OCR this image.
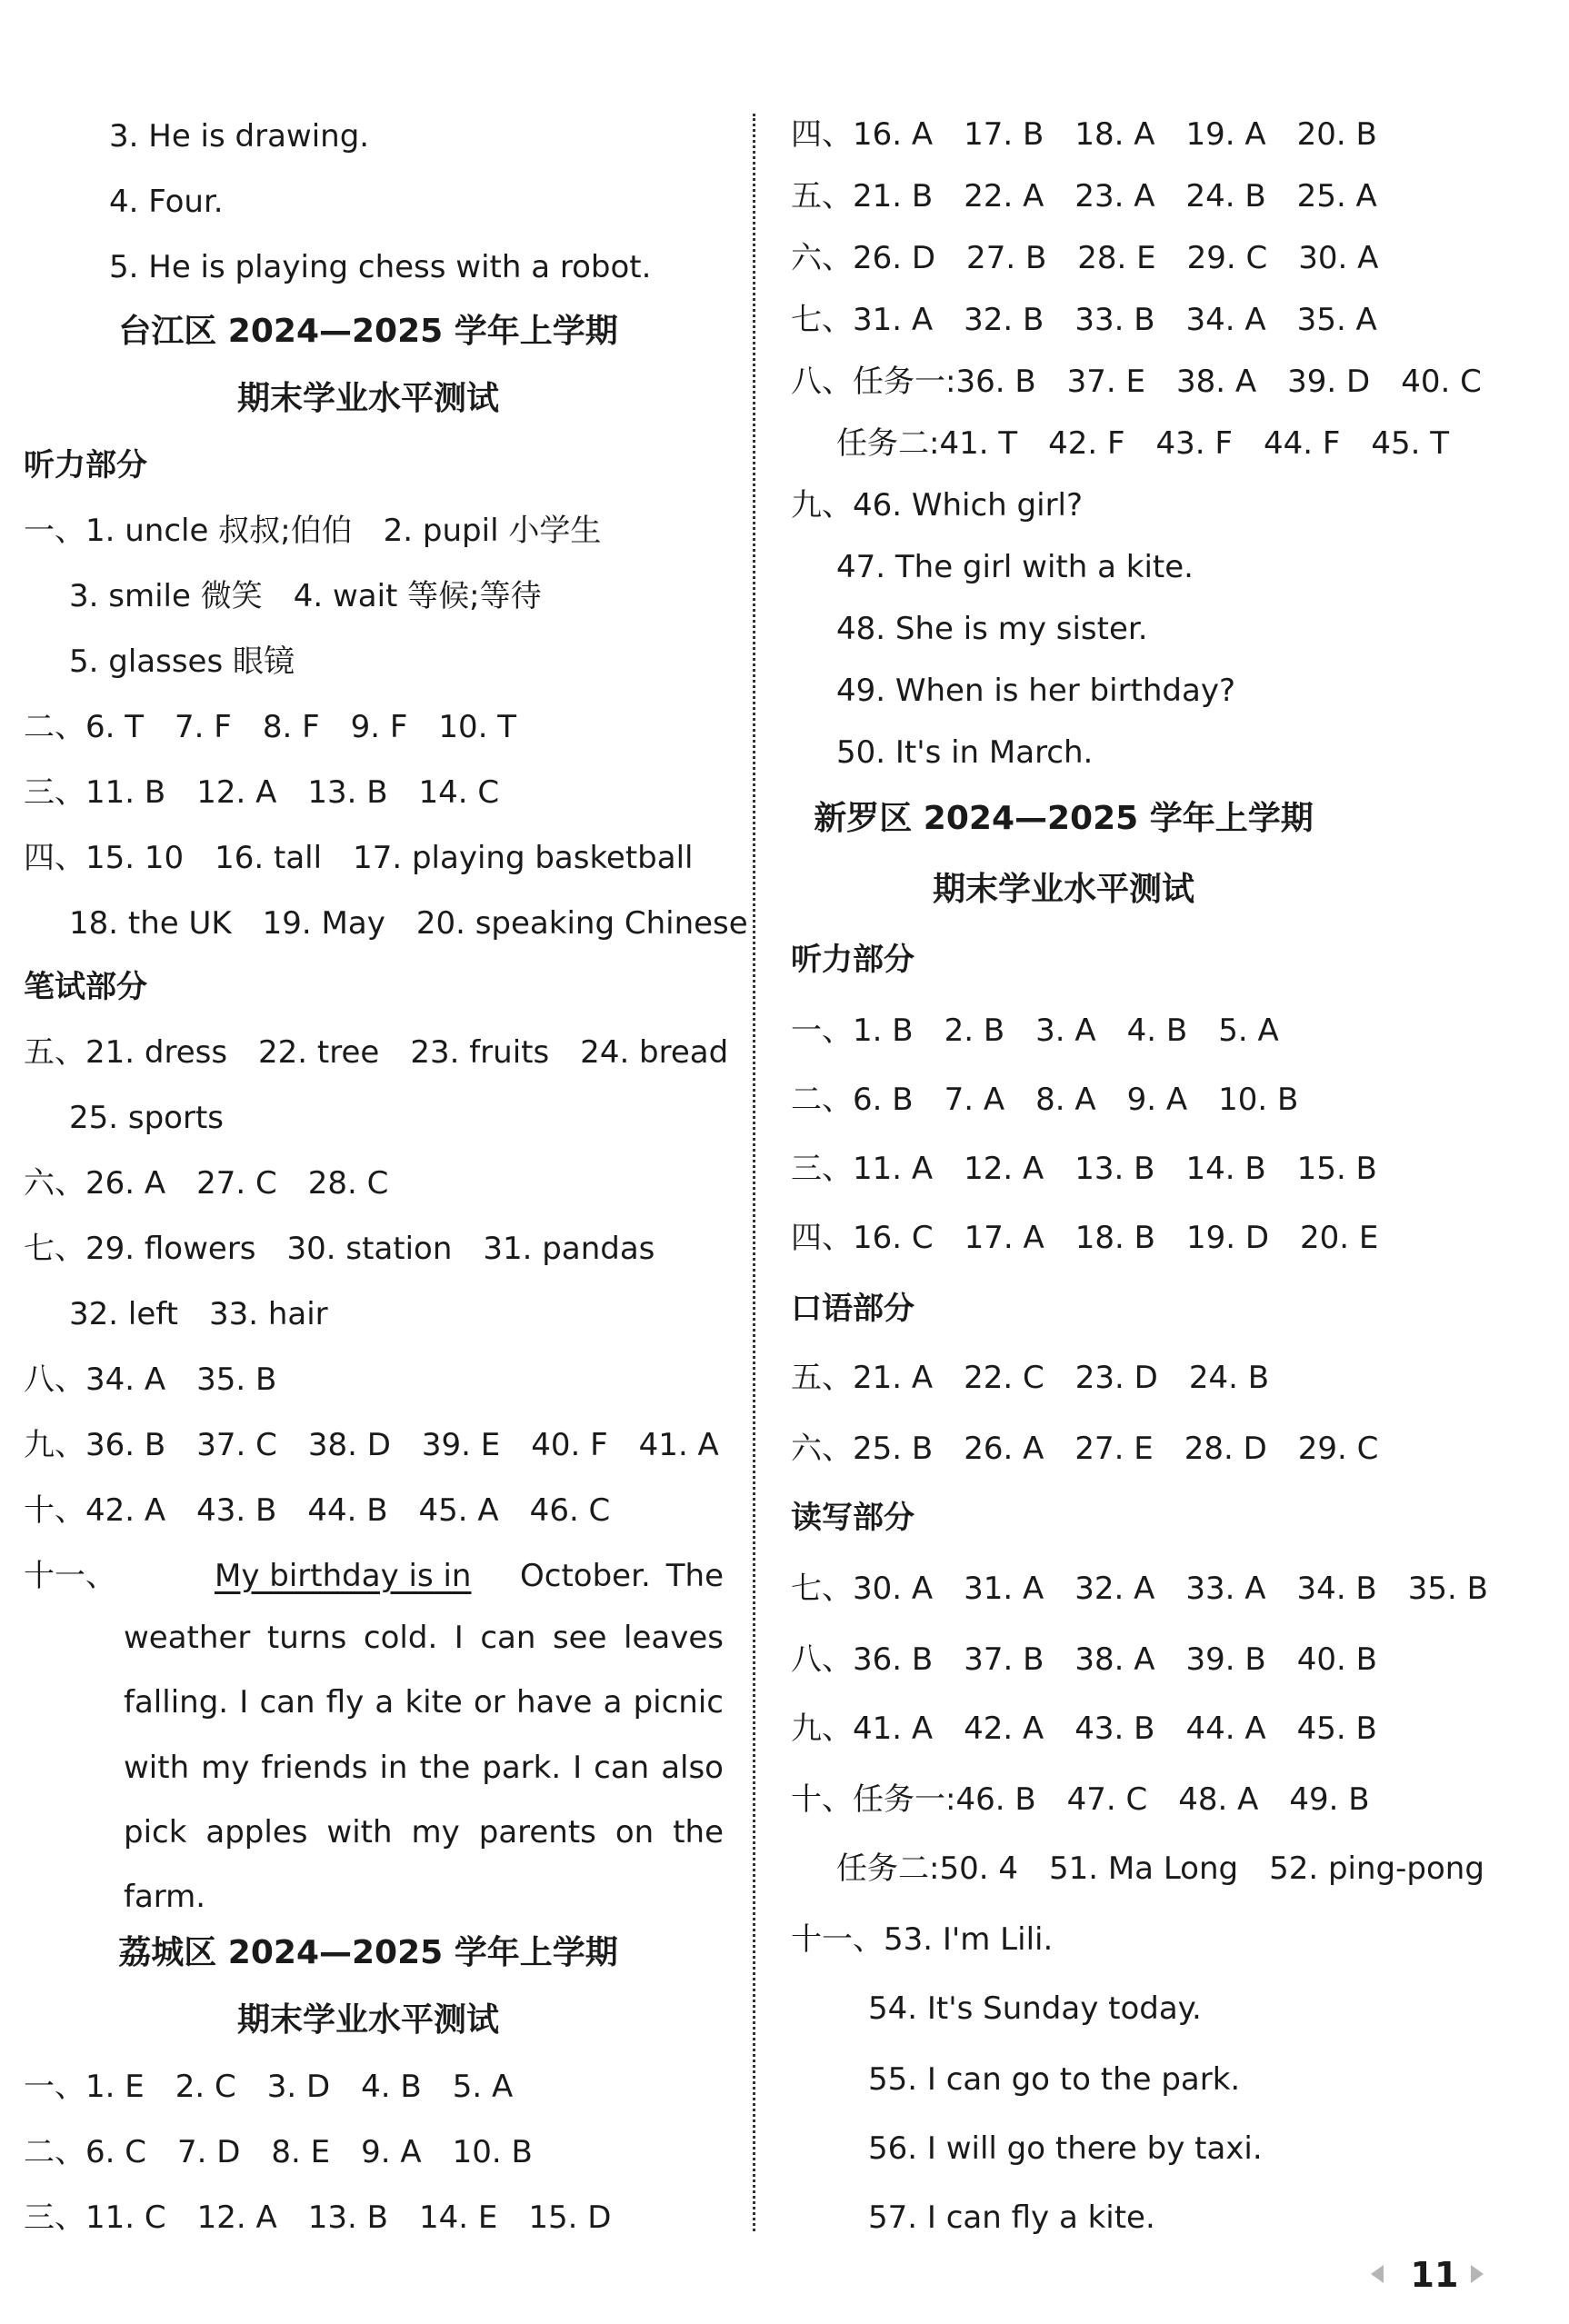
3. He is drawing.
4. Four.
5. He is playing chess with a robot.
台江区 2024—2025 学年上学期
期末学业水平测试
听力部分
一、1. uncle 叔叔;伯伯　2. pupil 小学生
3. smile 微笑　4. wait 等候;等待
5. glasses 眼镜
二、6. T　7. F　8. F　9. F　10. T
三、11. B　12. A　13. B　14. C
四、15. 10　16. tall　17. playing basketball
18. the UK　19. May　20. speaking Chinese
笔试部分
五、21. dress　22. tree　23. fruits　24. bread
25. sports
六、26. A　27. C　28. C
七、29. flowers　30. station　31. pandas
32. left　33. hair
八、34. A　35. B
九、36. B　37. C　38. D　39. E　40. F　41. A
十、42. A　43. B　44. B　45. A　46. C
十一、	My birthday is in October. The
weather turns cold. I can see leaves falling. I can fly a kite or have a picnic with my friends in the park. I can also pick apples with my parents on the farm.
荔城区 2024—2025 学年上学期
期末学业水平测试
一、1. E　2. C　3. D　4. B　5. A
二、6. C　7. D　8. E　9. A　10. B
三、11. C　12. A　13. B　14. E　15. D
四、16. A　17. B　18. A　19. A　20. B
五、21. B　22. A　23. A　24. B　25. A
六、26. D　27. B　28. E　29. C　30. A
七、31. A　32. B　33. B　34. A　35. A
八、任务一:36. B　37. E　38. A　39. D　40. C
任务二:41. T　42. F　43. F　44. F　45. T
九、46. Which girl?
47. The girl with a kite.
48. She is my sister.
49. When is her birthday?
50. It's in March.
新罗区 2024—2025 学年上学期
期末学业水平测试
听力部分
一、1. B　2. B　3. A　4. B　5. A
二、6. B　7. A　8. A　9. A　10. B
三、11. A　12. A　13. B　14. B　15. B
四、16. C　17. A　18. B　19. D　20. E
口语部分
五、21. A　22. C　23. D　24. B
六、25. B　26. A　27. E　28. D　29. C
读写部分
七、30. A　31. A　32. A　33. A　34. B　35. B
八、36. B　37. B　38. A　39. B　40. B
九、41. A　42. A　43. B　44. A　45. B
十、任务一:46. B　47. C　48. A　49. B
任务二:50. 4　51. Ma Long　52. ping-pong
十一、53. I'm Lili.
54. It's Sunday today.
55. I can go to the park.
56. I will go there by taxi.
57. I can fly a kite.
11
